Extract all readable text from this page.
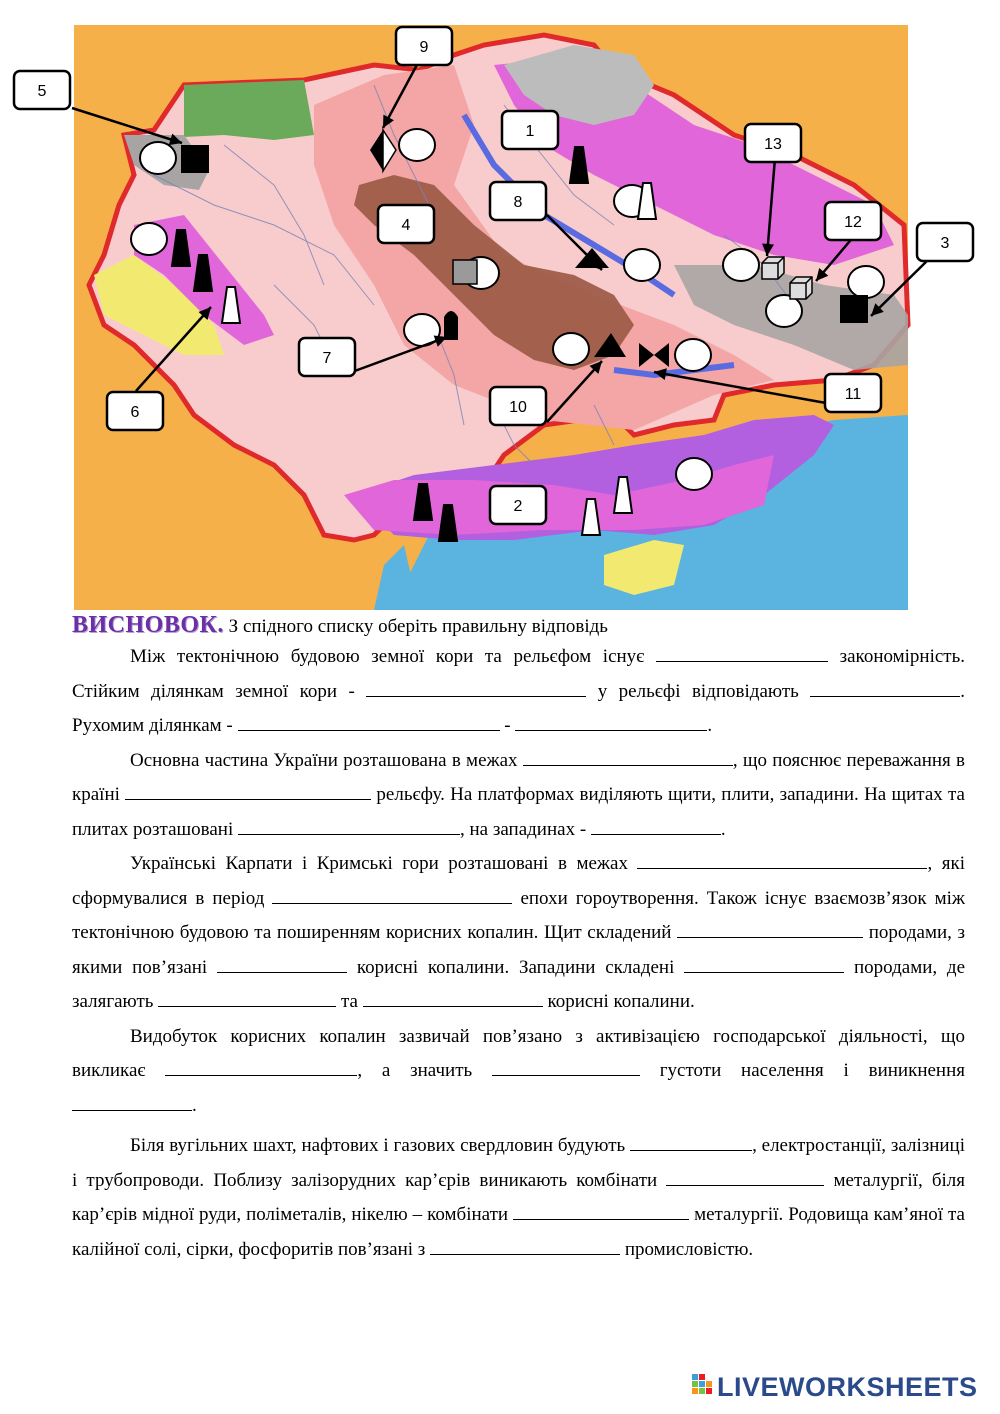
1
2
3
4
5
6
7
8
9
10
11
12
13
ВИСНОВОК. З спідного списку оберіть правильну відповідь

Між тектонічною будовою земної кори та рельєфом існує	закономірність. Стійким ділянкам земної кори -	у рельєфі відповідають	. Рухомим ділянкам -	-	.

Основна частина України розташована в межах	, що пояснює переважання в країні	рельєфу. На платформах виділяють щити, плити, западини. На щитах та плитах розташовані	, на западинах -	.

Українські Карпати і Кримські гори розташовані в межах	, які сформувалися в період	епохи гороутворення. Також існує взаємозв’язок між тектонічною будовою та поширенням корисних копалин. Щит складений	породами, з якими пов’язані	корисні копалини. Западини складені	породами, де залягають	та	корисні копалини.

Видобуток корисних копалин зазвичай пов’язано з активізацією господарської діяльності, що викликає	, а значить	густоти населення і виникнення .

Біля вугільних шахт, нафтових і газових свердловин будують	, електростанції, залізниці і трубопроводи. Поблизу залізорудних кар’єрів виникають комбінати	металургії, біля кар’єрів мідної руди, поліметалів, нікелю – комбінати	металургії. Родовища кам’яної та калійної солі, сірки, фосфоритів пов’язані з	промисловістю.

LIVEWORKSHEETS
